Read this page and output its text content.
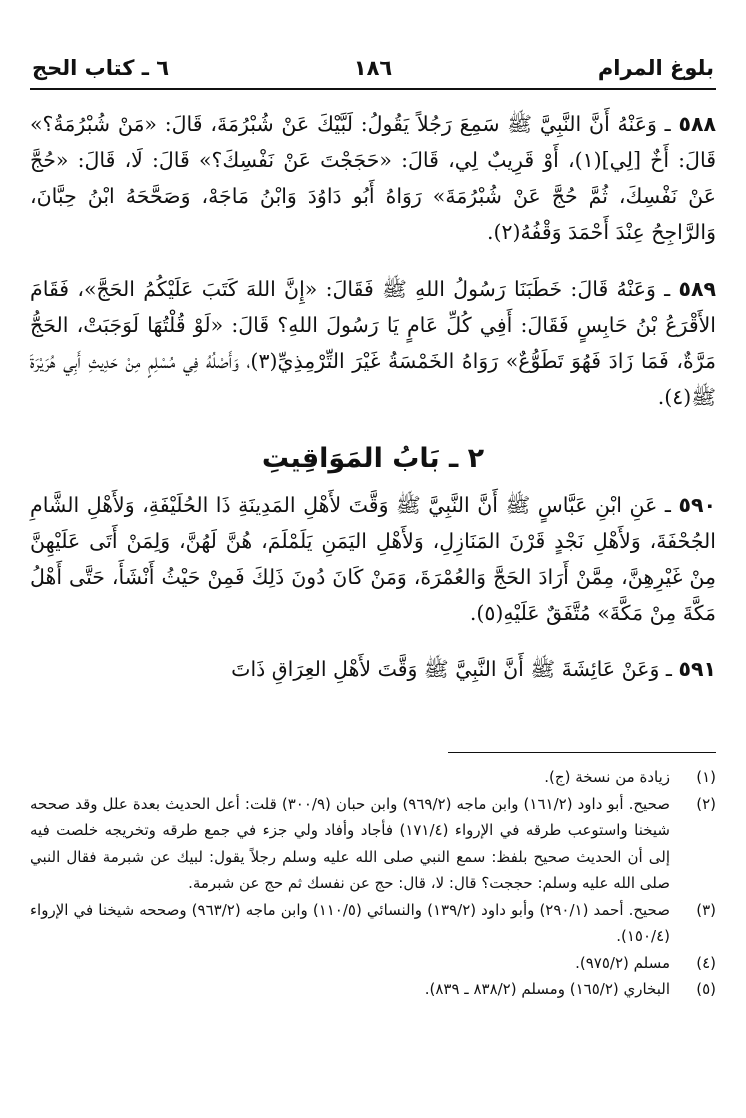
بلوغ المرام
١٨٦
٦ ـ كتاب الحج

٥٨٨ ـ وَعَنْهُ أَنَّ النَّبِيَّ ﷺ سَمِعَ رَجُلاً يَقُولُ: لَبَّيْكَ عَنْ شُبْرُمَةَ، قَالَ: «مَنْ شُبْرُمَةُ؟» قَالَ: أَخٌ [لِي](١)، أَوْ قَرِيبٌ لِي، قَالَ: «حَجَجْتَ عَنْ نَفْسِكَ؟» قَالَ: لَا، قَالَ: «حُجَّ عَنْ نَفْسِكَ، ثُمَّ حُجَّ عَنْ شُبْرُمَةَ» رَوَاهُ أَبُو دَاوُدَ وَابْنُ مَاجَهْ، وَصَحَّحَهُ ابْنُ حِبَّانَ، وَالرَّاجِحُ عِنْدَ أَحْمَدَ وَقْفُهُ(٢).

٥٨٩ ـ وَعَنْهُ قَالَ: خَطَبَنَا رَسُولُ اللهِ ﷺ فَقَالَ: «إِنَّ اللهَ كَتَبَ عَلَيْكُمُ الحَجَّ»، فَقَامَ الأَقْرَعُ بْنُ حَابِسٍ فَقَالَ: أَفِي كُلِّ عَامٍ يَا رَسُولَ اللهِ؟ قَالَ: «لَوْ قُلْتُهَا لَوَجَبَتْ، الحَجُّ مَرَّةٌ، فَمَا زَادَ فَهُوَ تَطَوُّعٌ» رَوَاهُ الخَمْسَةُ غَيْرَ التِّرْمِذِيِّ(٣)، وَأَصْلُهُ فِي مُسْلِمٍ مِنْ حَدِيثِ أَبِي هُرَيْرَةَ ﷺ(٤).

٢ ـ بَابُ المَوَاقِيتِ

٥٩٠ ـ عَنِ ابْنِ عَبَّاسٍ ﷺ أَنَّ النَّبِيَّ ﷺ وَقَّتَ لأَهْلِ المَدِينَةِ ذَا الحُلَيْفَةِ، وَلأَهْلِ الشَّامِ الجُحْفَةَ، وَلأَهْلِ نَجْدٍ قَرْنَ المَنَازِلِ، وَلأَهْلِ اليَمَنِ يَلَمْلَمَ، هُنَّ لَهُنَّ، وَلِمَنْ أَتَى عَلَيْهِنَّ مِنْ غَيْرِهِنَّ، مِمَّنْ أَرَادَ الحَجَّ وَالعُمْرَةَ، وَمَنْ كَانَ دُونَ ذَلِكَ فَمِنْ حَيْثُ أَنْشَأَ، حَتَّى أَهْلُ مَكَّةَ مِنْ مَكَّةَ» مُتَّفَقٌ عَلَيْهِ(٥).

٥٩١ ـ وَعَنْ عَائِشَةَ ﷺ أَنَّ النَّبِيَّ ﷺ وَقَّتَ لأَهْلِ العِرَاقِ ذَاتَ

(١)
زيادة من نسخة (ج).
(٢)
صحيح. أبو داود (١٦١/٢) وابن ماجه (٩٦٩/٢) وابن حبان (٣٠٠/٩) قلت: أعل الحديث بعدة علل وقد صححه شيخنا واستوعب طرقه في الإرواء (١٧١/٤) فأجاد وأفاد ولي جزء في جمع طرقه وتخريجه خلصت فيه إلى أن الحديث صحيح بلفظ: سمع النبي صلى الله عليه وسلم رجلاً يقول: لبيك عن شبرمة فقال النبي صلى الله عليه وسلم: حججت؟ قال: لا، قال: حج عن نفسك ثم حج عن شبرمة.
(٣)
صحيح. أحمد (٢٩٠/١) وأبو داود (١٣٩/٢) والنسائي (١١٠/٥) وابن ماجه (٩٦٣/٢) وصححه شيخنا في الإرواء (١٥٠/٤).
(٤)
مسلم (٩٧٥/٢).
(٥)
البخاري (١٦٥/٢) ومسلم (٨٣٨/٢ ـ ٨٣٩).
